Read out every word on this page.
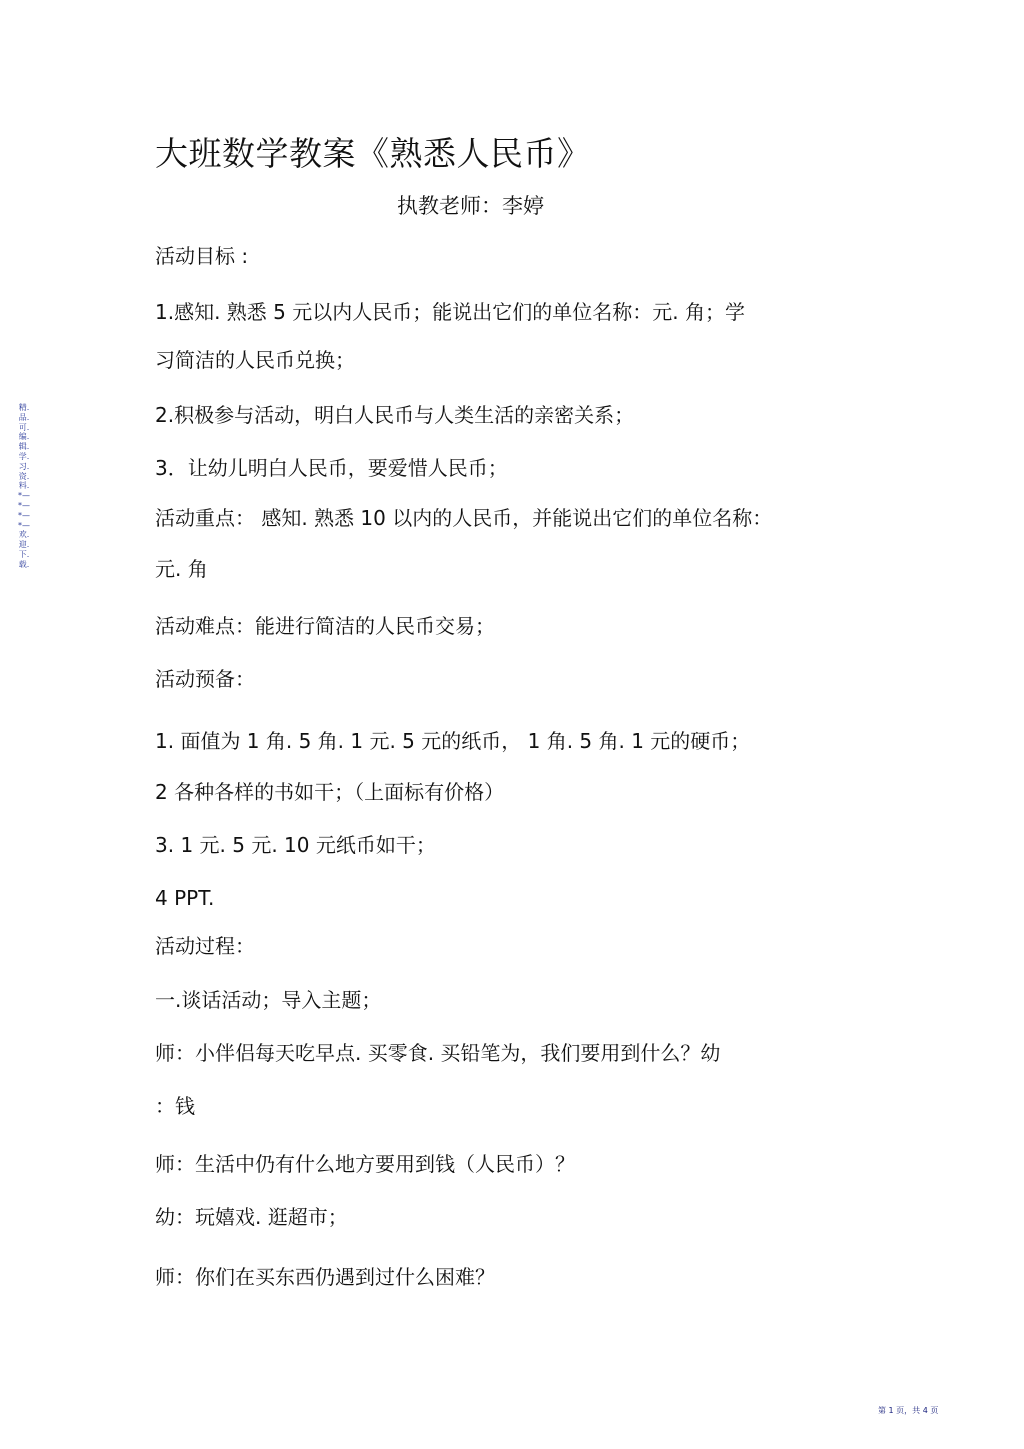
大班数学教案《熟悉人民币》
执教老师：李婷
活动目标 :
1.感知. 熟悉 5 元以内人民币；能说出它们的单位名称：元. 角；学
习简洁的人民币兑换；
2.积极参与活动，明白人民币与人类生活的亲密关系；
3．让幼儿明白人民币，要爱惜人民币；
活动重点： 感知. 熟悉 10 以内的人民币，并能说出它们的单位名称：
元. 角
活动难点：能进行简洁的人民币交易；
活动预备：
1. 面值为 1 角. 5 角. 1 元. 5 元的纸币， 1 角. 5 角. 1 元的硬币；
2 各种各样的书如干；（上面标有价格）
3. 1 元. 5 元. 10 元纸币如干；
4 PPT.
活动过程：
一.谈话活动；导入主题；
师：小伴侣每天吃早点. 买零食. 买铅笔为，我们要用到什么？幼
：钱
师：生活中仍有什么地方要用到钱（人民币）？
幼：玩嬉戏. 逛超市；
师：你们在买东西仍遇到过什么困难？
精.品.可.编.辑.学.习.资.料.*—*—*—*—欢.迎.下.载.
第 1 页，共 4 页
